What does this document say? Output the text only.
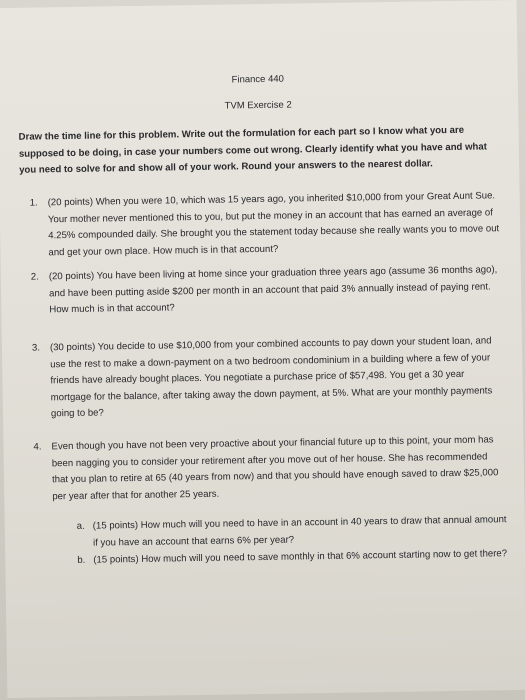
Finance 440
TVM Exercise 2
Draw the time line for this problem. Write out the formulation for each part so I know what you are supposed to be doing, in case your numbers come out wrong. Clearly identify what you have and what you need to solve for and show all of your work. Round your answers to the nearest dollar.
1.	(20 points) When you were 10, which was 15 years ago, you inherited $10,000 from your Great Aunt Sue. Your mother never mentioned this to you, but put the money in an account that has earned an average of 4.25% compounded daily. She brought you the statement today because she really wants you to move out and get your own place. How much is in that account?
2.	(20 points) You have been living at home since your graduation three years ago (assume 36 months ago), and have been putting aside $200 per month in an account that paid 3% annually instead of paying rent. How much is in that account?
3.	(30 points) You decide to use $10,000 from your combined accounts to pay down your student loan, and use the rest to make a down-payment on a two bedroom condominium in a building where a few of your friends have already bought places. You negotiate a purchase price of $57,498. You get a 30 year mortgage for the balance, after taking away the down payment, at 5%. What are your monthly payments going to be?
4.	Even though you have not been very proactive about your financial future up to this point, your mom has been nagging you to consider your retirement after you move out of her house. She has recommended that you plan to retire at 65 (40 years from now) and that you should have enough saved to draw $25,000 per year after that for another 25 years.
a. (15 points) How much will you need to have in an account in 40 years to draw that annual amount if you have an account that earns 6% per year?
b. (15 points) How much will you need to save monthly in that 6% account starting now to get there?
